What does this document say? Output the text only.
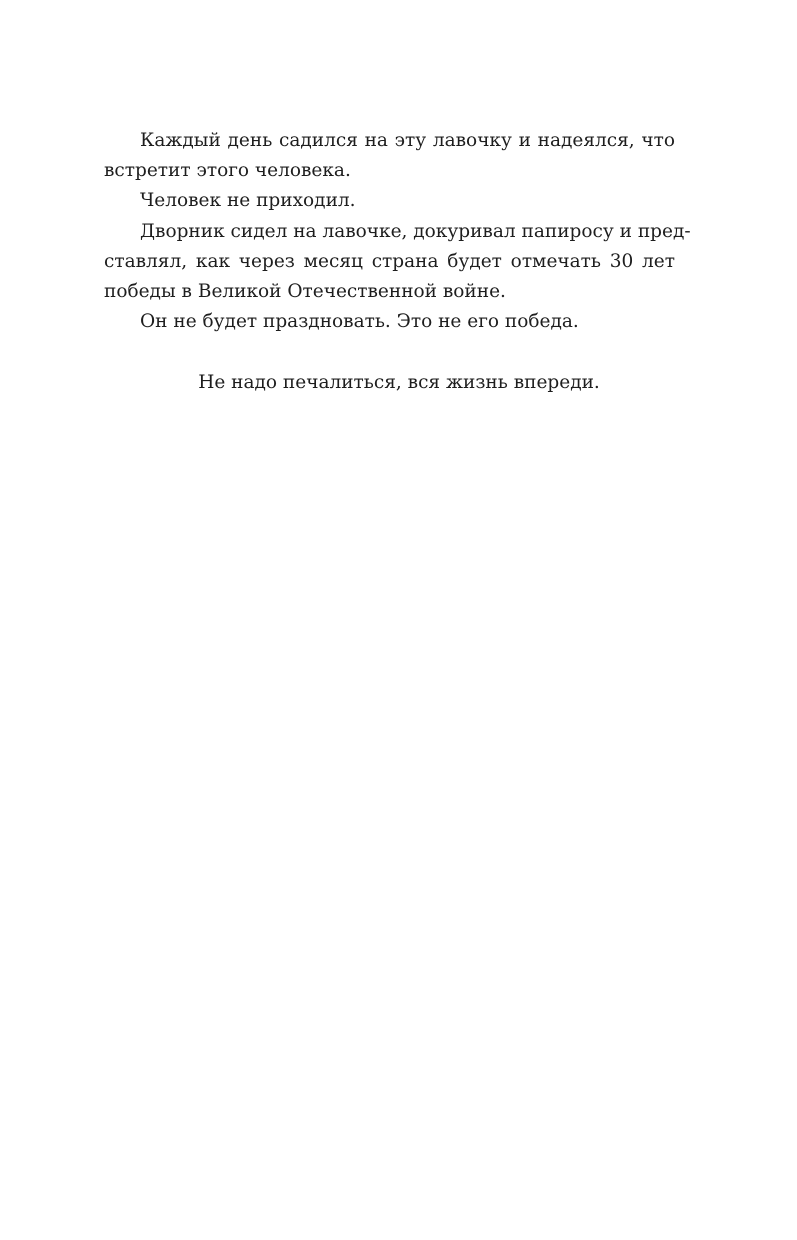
Каждый день садился на эту лавочку и надеялся, что
встретит этого человека.
Человек не приходил.
Дворник сидел на лавочке, докуривал папиросу и пред-
ставлял, как через месяц страна будет отмечать 30 лет
победы в Великой Отечественной войне.
Он не будет праздновать. Это не его победа.
Не надо печалиться, вся жизнь впереди.
